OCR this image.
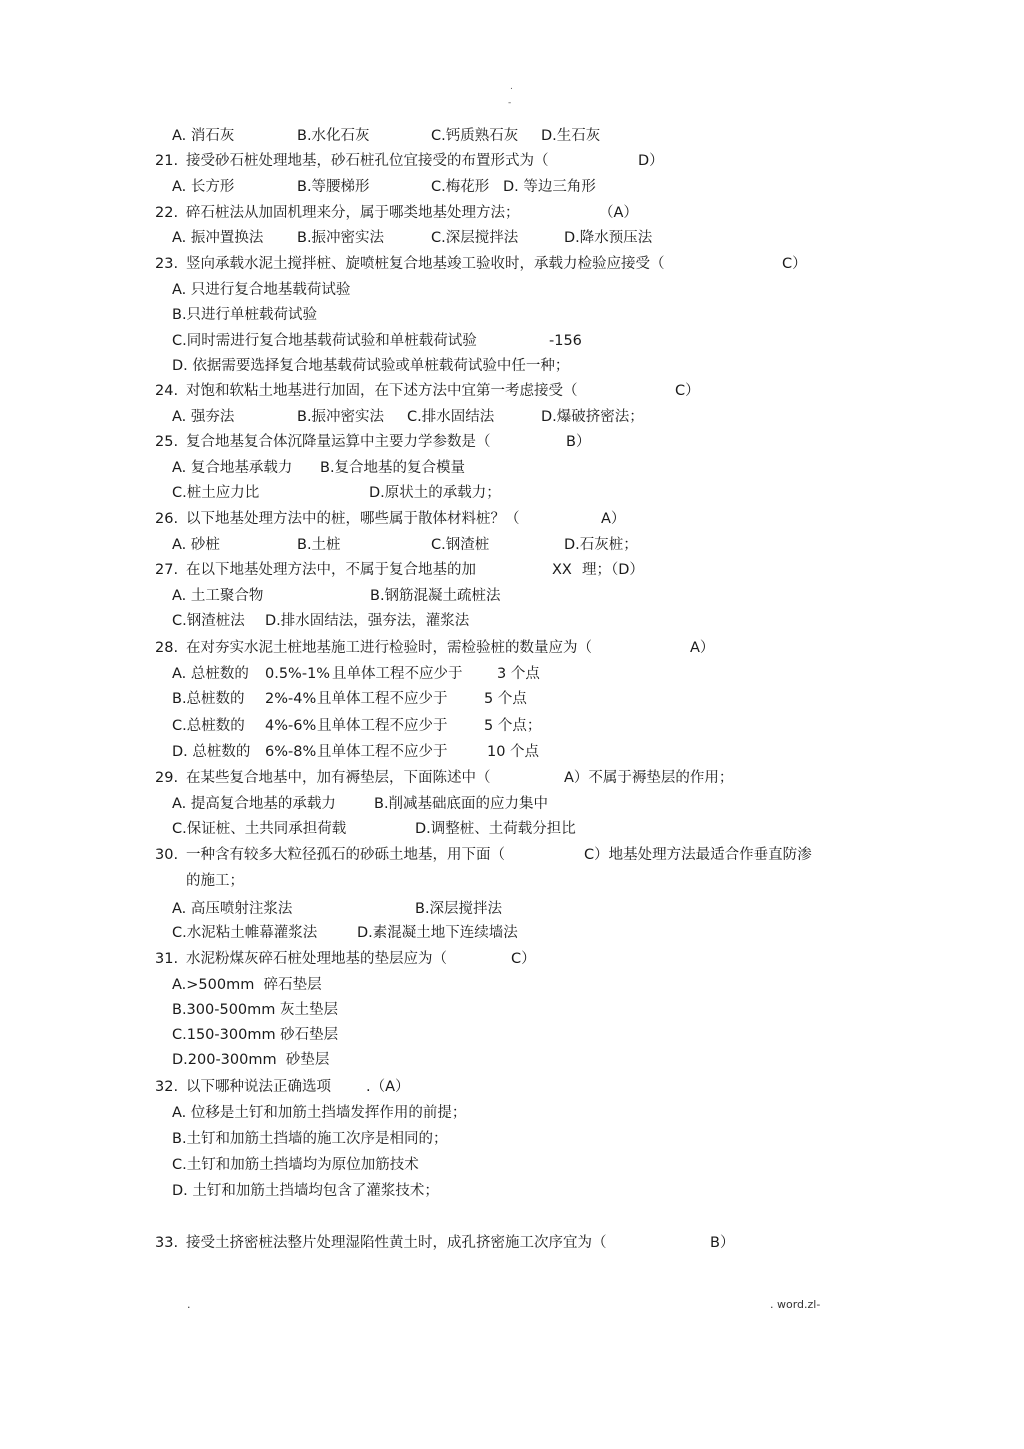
.
-
A. 消石灰	B.水化石灰	C.钙质熟石灰 D.生石灰
21. 接受砂石桩处理地基，砂石桩孔位宜接受的布置形式为（	D）
A. 长方形	B.等腰梯形	C.梅花形 D. 等边三角形
22. 碎石桩法从加固机理来分，属于哪类地基处理方法；	（A）
A. 振冲置换法 B.振冲密实法	C.深层搅拌法	D.降水预压法
23. 竖向承载水泥土搅拌桩、旋喷桩复合地基竣工验收时，承载力检验应接受（	C）
A. 只进行复合地基载荷试验
B.只进行单桩载荷试验
C.同时需进行复合地基载荷试验和单桩载荷试验	-156
D. 依据需要选择复合地基载荷试验或单桩载荷试验中任一种；
24. 对饱和软粘土地基进行加固，在下述方法中宜第一考虑接受（	C）
A. 强夯法	B.振冲密实法 C.排水固结法	D.爆破挤密法；
25. 复合地基复合体沉降量运算中主要力学参数是（	B）
A. 复合地基承载力 B.复合地基的复合模量
C.桩土应力比	D.原状土的承载力；
26. 以下地基处理方法中的桩，哪些属于散体材料桩？（	A）
A. 砂桩	B.土桩	C.钢渣桩	D.石灰桩；
27. 在以下地基处理方法中，不属于复合地基的加	XX 理；（D）
A. 土工聚合物	B.钢筋混凝土疏桩法
C.钢渣桩法 D.排水固结法，强夯法，灌浆法
28. 在对夯实水泥土桩地基施工进行检验时，需检验桩的数量应为（	A）
A. 总桩数的 0.5%-1% 且单体工程不应少于 3 个点
B.总桩数的 2%-4% 且单体工程不应少于	5 个点
C.总桩数的 4%-6% 且单体工程不应少于	5 个点；
D. 总桩数的 6%-8% 且单体工程不应少于	10 个点
29. 在某些复合地基中，加有褥垫层，下面陈述中（	A）不属于褥垫层的作用；
A. 提高复合地基的承载力	B.削减基础底面的应力集中
C.保证桩、土共同承担荷载	D.调整桩、土荷载分担比
30. 一种含有较多大粒径孤石的砂砾土地基，用下面（	C）地基处理方法最适合作垂直防渗
的施工；
A. 高压喷射注浆法	B.深层搅拌法
C.水泥粘土帷幕灌浆法	D.素混凝土地下连续墙法
31. 水泥粉煤灰碎石桩处理地基的垫层应为（	C）
A.>500mm  碎石垫层
B.300-500mm 灰土垫层
C.150-300mm 砂石垫层
D.200-300mm  砂垫层
32. 以下哪种说法正确选项 .（A）
A. 位移是土钉和加筋土挡墙发挥作用的前提；
B.土钉和加筋土挡墙的施工次序是相同的；
C.土钉和加筋土挡墙均为原位加筋技术
D. 土钉和加筋土挡墙均包含了灌浆技术；
33. 接受土挤密桩法整片处理湿陷性黄土时，成孔挤密施工次序宜为（	B）
.	. word.zl-
